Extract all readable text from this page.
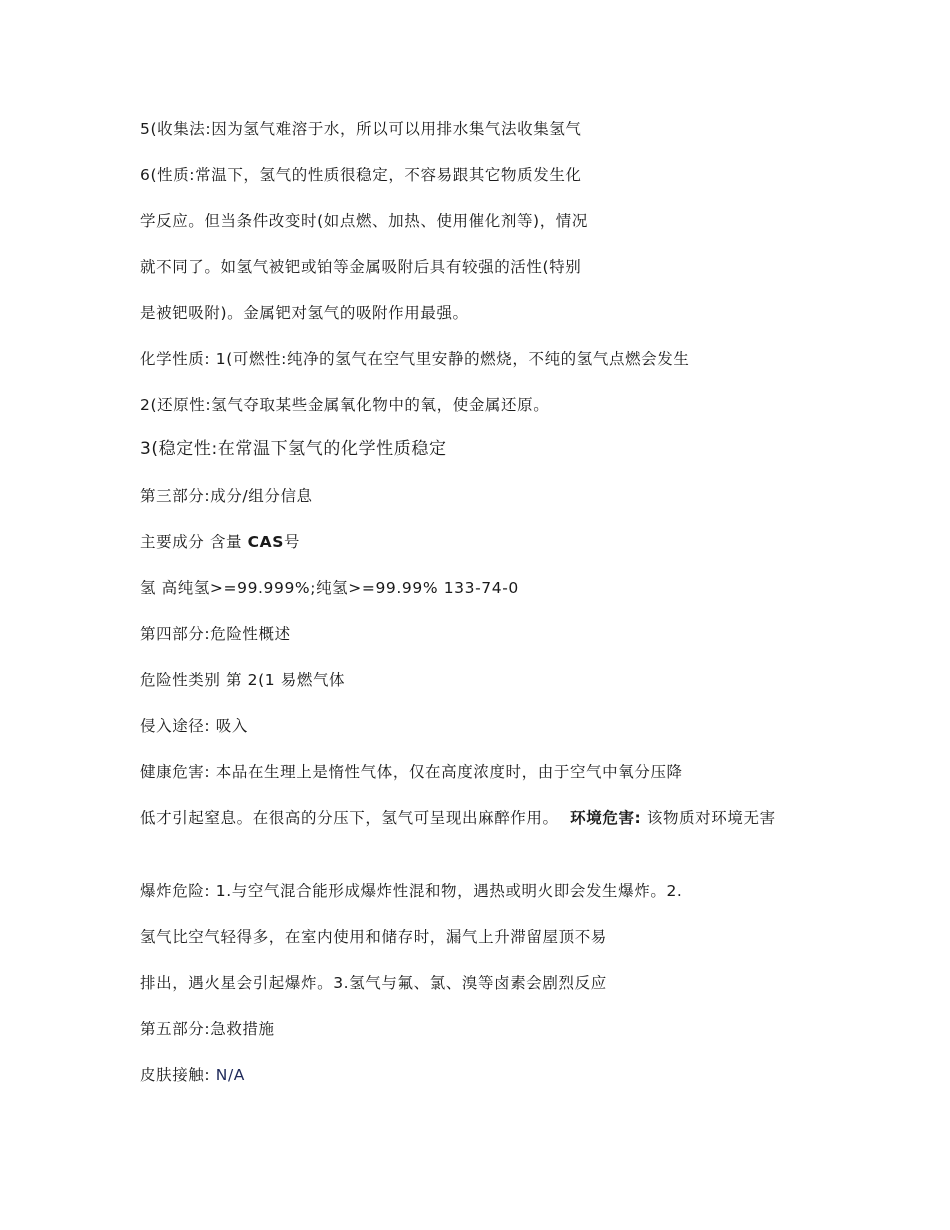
5(收集法:因为氢气难溶于水，所以可以用排水集气法收集氢气
6(性质:常温下，氢气的性质很稳定，不容易跟其它物质发生化
学反应。但当条件改变时(如点燃、加热、使用催化剂等)，情况
就不同了。如氢气被钯或铂等金属吸附后具有较强的活性(特别
是被钯吸附)。金属钯对氢气的吸附作用最强。
化学性质: 1(可燃性:纯净的氢气在空气里安静的燃烧，不纯的氢气点燃会发生
2(还原性:氢气夺取某些金属氧化物中的氧，使金属还原。
3(稳定性:在常温下氢气的化学性质稳定
第三部分:成分/组分信息
主要成分 含量 CAS号
氢 高纯氢>=99.999%;纯氢>=99.99% 133-74-0
第四部分:危险性概述
危险性类别 第 2(1 易燃气体
侵入途径: 吸入
健康危害: 本品在生理上是惰性气体，仅在高度浓度时，由于空气中氧分压降
低才引起窒息。在很高的分压下，氢气可呈现出麻醉作用。 环境危害: 该物质对环境无害
爆炸危险: 1.与空气混合能形成爆炸性混和物，遇热或明火即会发生爆炸。2.
氢气比空气轻得多，在室内使用和储存时，漏气上升滞留屋顶不易
排出，遇火星会引起爆炸。3.氢气与氟、氯、溴等卤素会剧烈反应
第五部分:急救措施
皮肤接触: N/A
